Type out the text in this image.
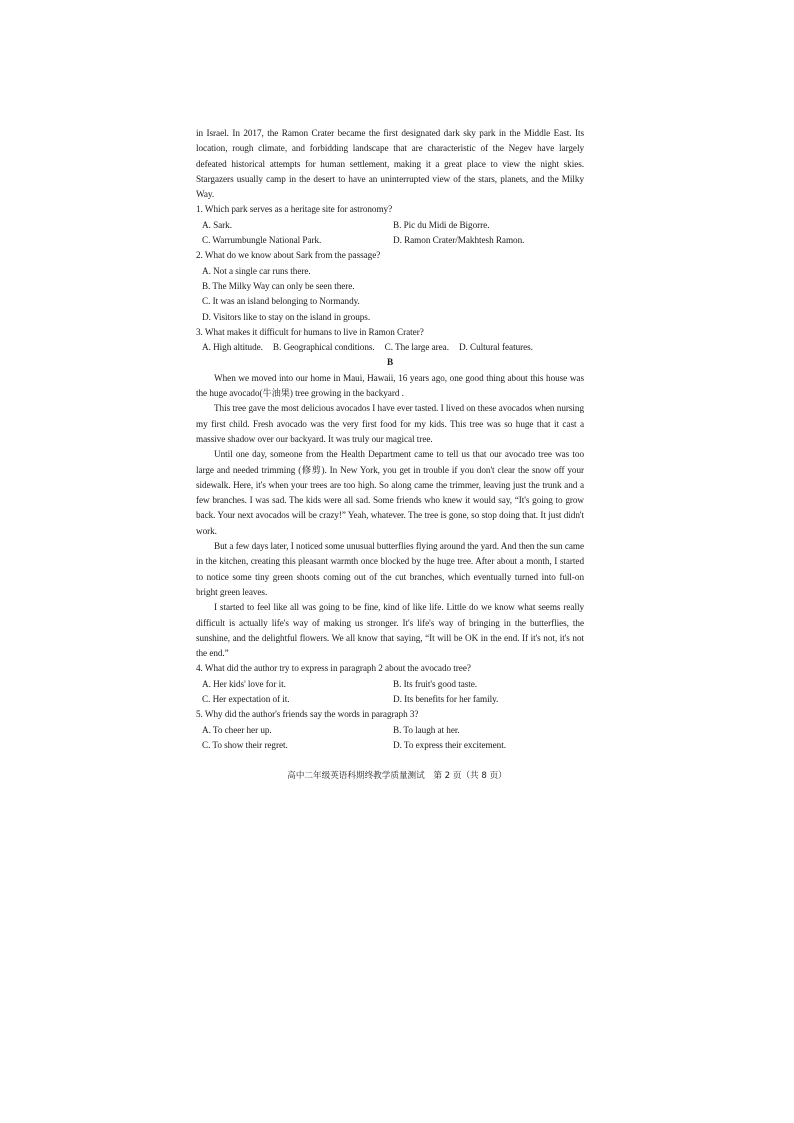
in Israel. In 2017, the Ramon Crater became the first designated dark sky park in the Middle East. Its location, rough climate, and forbidding landscape that are characteristic of the Negev have largely defeated historical attempts for human settlement, making it a great place to view the night skies. Stargazers usually camp in the desert to have an uninterrupted view of the stars, planets, and the Milky Way.

1. Which park serves as a heritage site for astronomy?

A. Sark.	B. Pic du Midi de Bigorre.
C. Warrumbungle National Park.	D. Ramon Crater/Makhtesh Ramon.

2. What do we know about Sark from the passage?

A. Not a single car runs there.
B. The Milky Way can only be seen there.
C. It was an island belonging to Normandy.
D. Visitors like to stay on the island in groups.

3. What makes it difficult for humans to live in Ramon Crater?

A. High altitude. B. Geographical conditions. C. The large area. D. Cultural features.

B

When we moved into our home in Maui, Hawaii, 16 years ago, one good thing about this house was the huge avocado(牛油果) tree growing in the backyard .

This tree gave the most delicious avocados I have ever tasted. I lived on these avocados when nursing my first child. Fresh avocado was the very first food for my kids. This tree was so huge that it cast a massive shadow over our backyard. It was truly our magical tree.

Until one day, someone from the Health Department came to tell us that our avocado tree was too large and needed trimming (修剪). In New York, you get in trouble if you don't clear the snow off your sidewalk. Here, it's when your trees are too high. So along came the trimmer, leaving just the trunk and a few branches. I was sad. The kids were all sad. Some friends who knew it would say, “It's going to grow back. Your next avocados will be crazy!” Yeah, whatever. The tree is gone, so stop doing that. It just didn't work.

But a few days later, I noticed some unusual butterflies flying around the yard. And then the sun came in the kitchen, creating this pleasant warmth once blocked by the huge tree. After about a month, I started to notice some tiny green shoots coming out of the cut branches, which eventually turned into full-on bright green leaves.

I started to feel like all was going to be fine, kind of like life. Little do we know what seems really difficult is actually life's way of making us stronger. It's life's way of bringing in the butterflies, the sunshine, and the delightful flowers. We all know that saying, “It will be OK in the end. If it's not, it's not the end.”

4. What did the author try to express in paragraph 2 about the avocado tree?

A. Her kids' love for it.	B. Its fruit's good taste.
C. Her expectation of it.	D. Its benefits for her family.

5. Why did the author's friends say the words in paragraph 3?

A. To cheer her up.	B. To laugh at her.
C. To show their regret.	D. To express their excitement.
高中二年级英语科期终教学质量测试　第 2 页（共 8 页）
